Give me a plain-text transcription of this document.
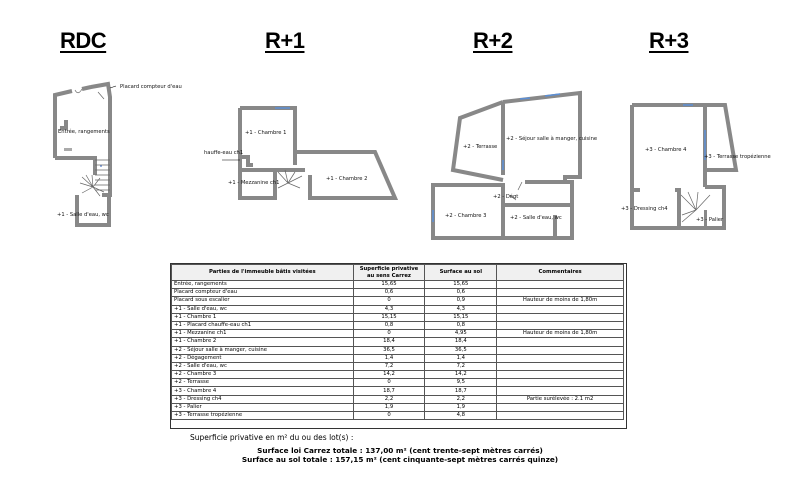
RDC	R+1	R+2	R+3
Placard compteur d'eau
Entrée, rangements
+1 - Salle d'eau, wc
+1 - Chambre 1
hauffe-eau ch1
+1 - Mezzanine ch1
+1 - Chambre 2
+2 - Terrasse
+2 - Séjour salle à manger, cuisine
+2 - Dégt
+2 - Chambre 3	+2 - Salle d'eau, wc
+3 - Chambre 4
+3 - Terrasse tropézienne
+3 - Dressing ch4
+3 - Palier
Parties de l'immeuble bâtis visitées	Superficie privative au sens Carrez	Surface au sol	Commentaires
Entrée, rangements	15,65	15,65	
Placard compteur d'eau	0,6	0,6	
Placard sous escalier	0	0,9	Hauteur de moins de 1,80m
+1 - Salle d'eau, wc	4,3	4,3	
+1 - Chambre 1	15,15	15,15	
+1 - Placard chauffe-eau ch1	0,8	0,8	
+1 - Mezzanine ch1	0	4,95	Hauteur de moins de 1,80m
+1 - Chambre 2	18,4	18,4	
+2 - Séjour salle à manger, cuisine	36,5	36,5	
+2 - Dégagement	1,4	1,4	
+2 - Salle d'eau, wc	7,2	7,2	
+2 - Chambre 3	14,2	14,2	
+2 - Terrasse	0	9,5	
+3 - Chambre 4	18,7	18,7	
+3 - Dressing ch4	2,2	2,2	Partie surélevée : 2.1 m2
+3 - Palier	1,9	1,9	
+3 - Terrasse tropézienne	0	4,8	
Superficie privative en m² du ou des lot(s) :
Surface loi Carrez totale : 137,00 m² (cent trente-sept mètres carrés)
Surface au sol totale : 157,15 m² (cent cinquante-sept mètres carrés quinze)
